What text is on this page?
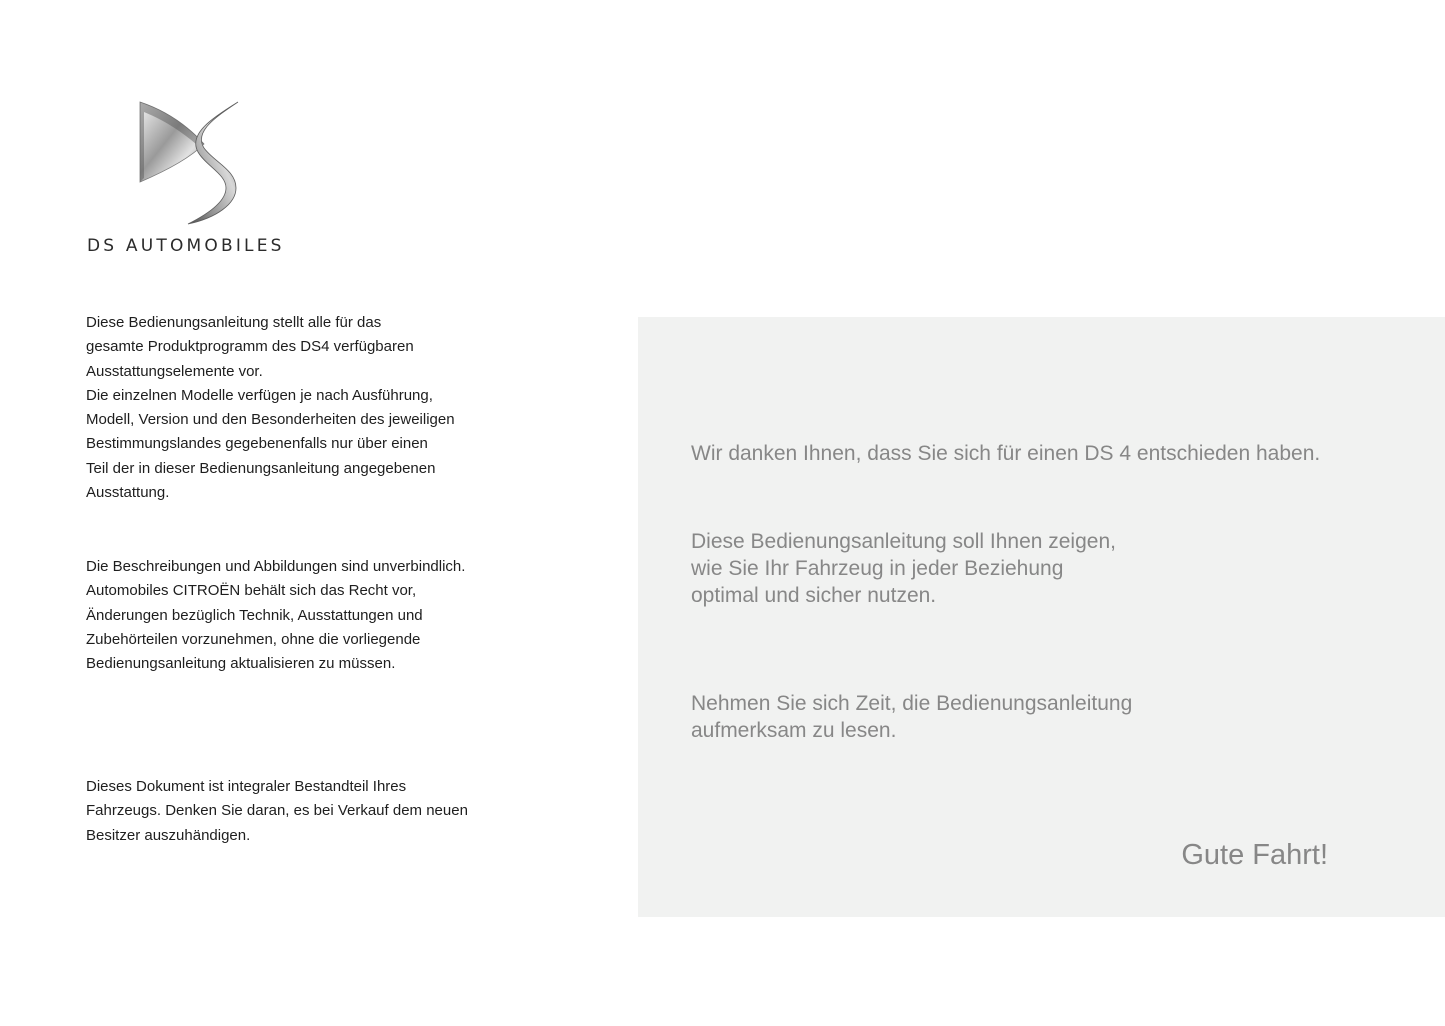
DS AUTOMOBILES

Diese Bedienungsanleitung stellt alle für das
gesamte Produktprogramm des DS4 verfügbaren
Ausstattungselemente vor.
Die einzelnen Modelle verfügen je nach Ausführung,
Modell, Version und den Besonderheiten des jeweiligen
Bestimmungslandes gegebenenfalls nur über einen
Teil der in dieser Bedienungsanleitung angegebenen
Ausstattung.

Die Beschreibungen und Abbildungen sind unverbindlich.
Automobiles CITROËN behält sich das Recht vor,
Änderungen bezüglich Technik, Ausstattungen und
Zubehörteilen vorzunehmen, ohne die vorliegende
Bedienungsanleitung aktualisieren zu müssen.

Dieses Dokument ist integraler Bestandteil Ihres
Fahrzeugs. Denken Sie daran, es bei Verkauf dem neuen
Besitzer auszuhändigen.

Wir danken Ihnen, dass Sie sich für einen DS 4 entschieden haben.

Diese Bedienungsanleitung soll Ihnen zeigen,
wie Sie Ihr Fahrzeug in jeder Beziehung
optimal und sicher nutzen.

Nehmen Sie sich Zeit, die Bedienungsanleitung
aufmerksam zu lesen.

Gute Fahrt!
